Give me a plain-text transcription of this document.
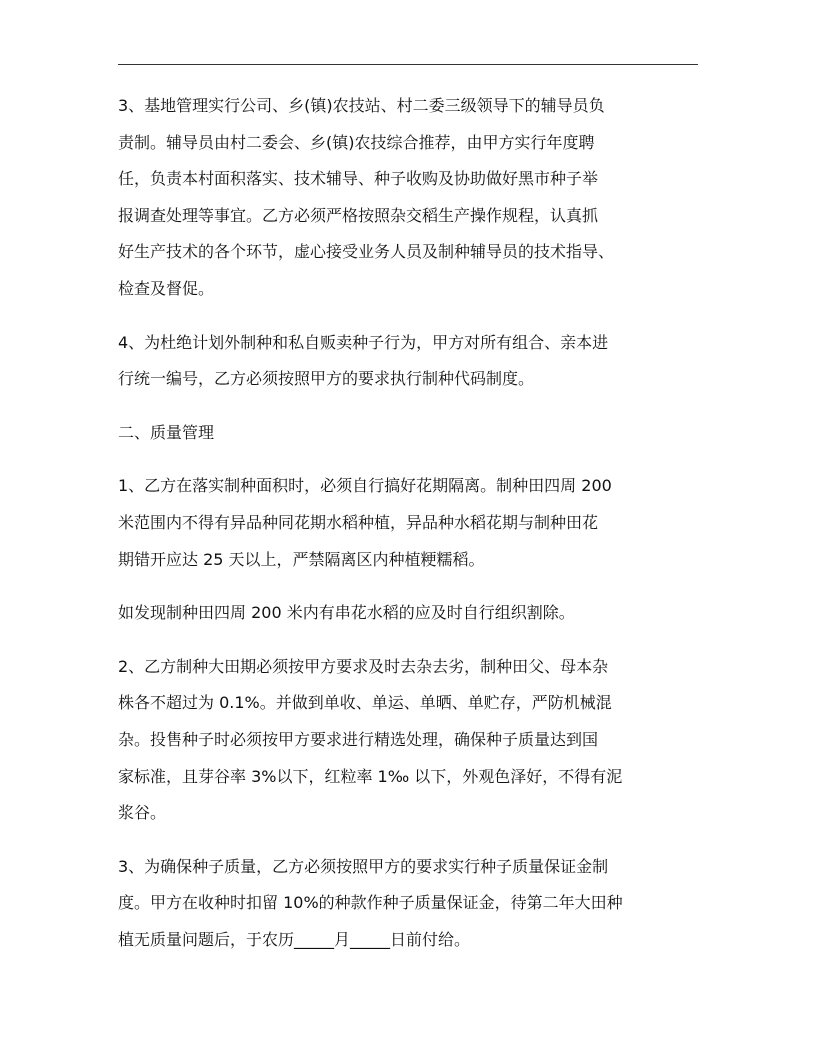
3、基地管理实行公司、乡(镇)农技站、村二委三级领导下的辅导员负
责制。辅导员由村二委会、乡(镇)农技综合推荐，由甲方实行年度聘
任，负责本村面积落实、技术辅导、种子收购及协助做好黑市种子举
报调查处理等事宜。乙方必须严格按照杂交稻生产操作规程，认真抓
好生产技术的各个环节，虚心接受业务人员及制种辅导员的技术指导、
检查及督促。

4、为杜绝计划外制种和私自贩卖种子行为，甲方对所有组合、亲本进
行统一编号，乙方必须按照甲方的要求执行制种代码制度。

二、质量管理

1、乙方在落实制种面积时，必须自行搞好花期隔离。制种田四周 200
米范围内不得有异品种同花期水稻种植，异品种水稻花期与制种田花
期错开应达 25 天以上，严禁隔离区内种植粳糯稻。

如发现制种田四周 200 米内有串花水稻的应及时自行组织割除。

2、乙方制种大田期必须按甲方要求及时去杂去劣，制种田父、母本杂
株各不超过为 0.1%。并做到单收、单运、单晒、单贮存，严防机械混
杂。投售种子时必须按甲方要求进行精选处理，确保种子质量达到国
家标准，且芽谷率 3%以下，红粒率 1‰ 以下，外观色泽好，不得有泥
浆谷。

3、为确保种子质量，乙方必须按照甲方的要求实行种子质量保证金制
度。甲方在收种时扣留 10%的种款作种子质量保证金，待第二年大田种
植无质量问题后，于农历_____月_____日前付给。
